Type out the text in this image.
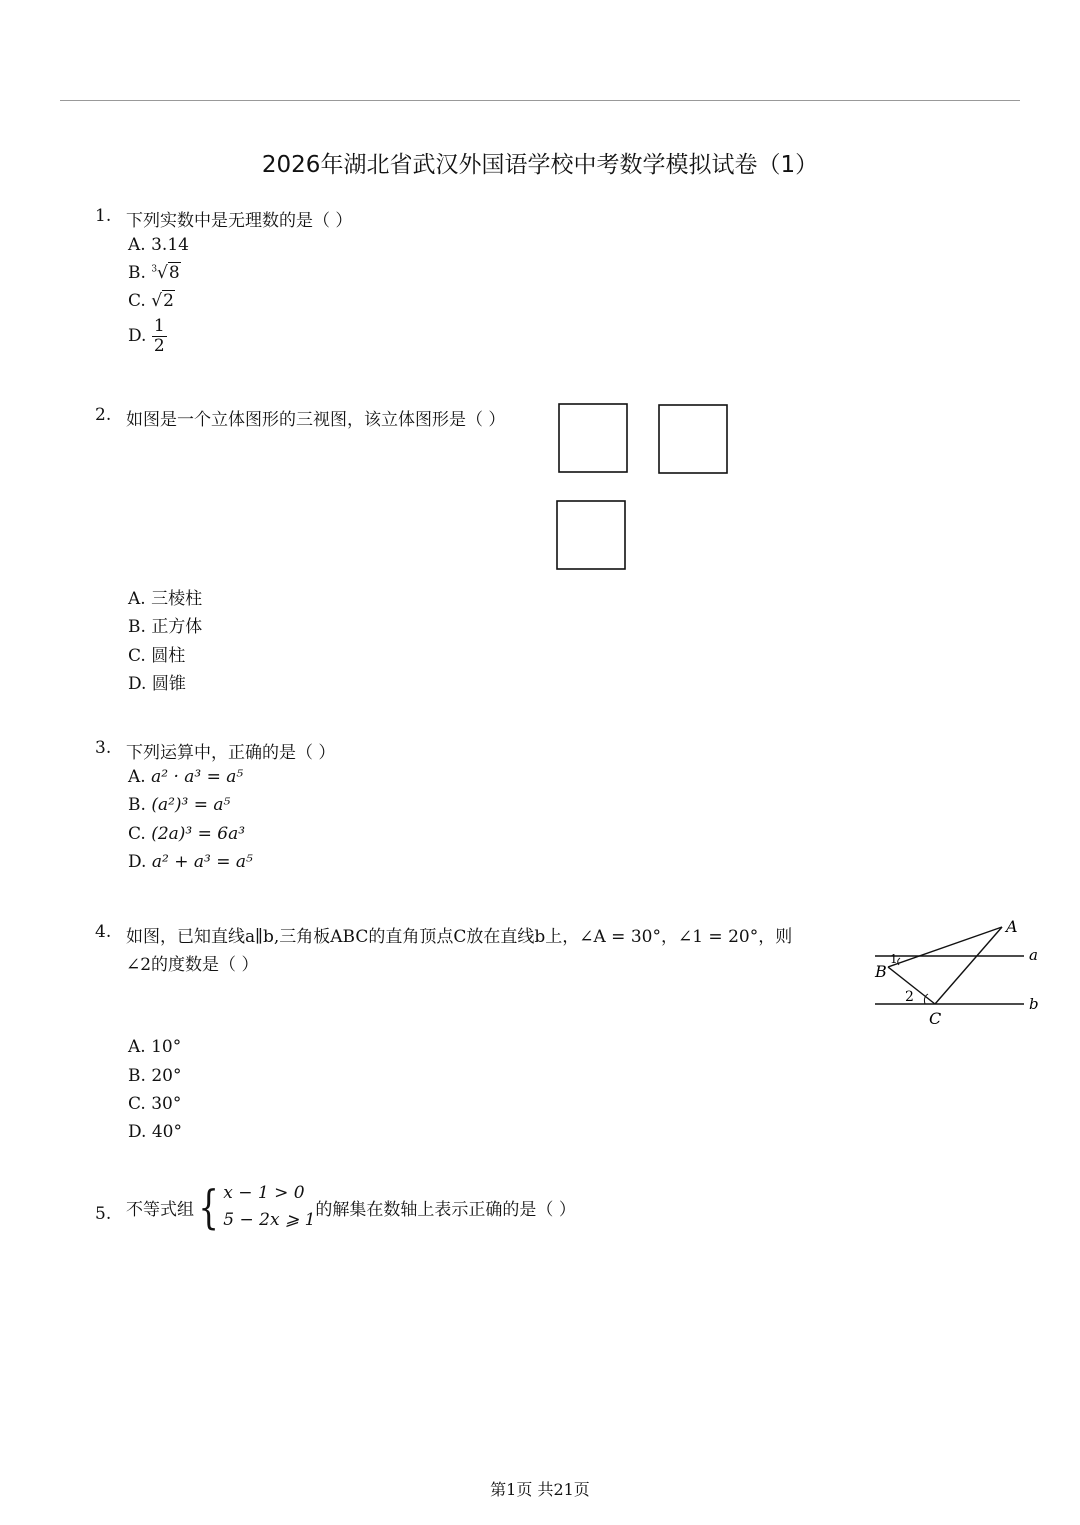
2026年湖北省武汉外国语学校中考数学模拟试卷（1）
1. 下列实数中是无理数的是（ ）
A. 3.14
B. $^3$√8
C. √2
D. $\frac{1}{2}$
2. 如图是一个立体图形的三视图，该立体图形是（ ）
A. 三棱柱
B. 正方体
C. 圆柱
D. 圆锥
3. 下列运算中，正确的是（ ）
A. a² · a³ = a⁵
B. (a²)³ = a⁵
C. (2a)³ = 6a³
D. a² + a³ = a⁵
4. 如图，已知直线a∥b,三角板ABC的直角顶点C放在直线b上，∠A = 30°，∠1 = 20°，则
∠2的度数是（ ）
A
B
C
a
b
1
2
A. 10°
B. 20°
C. 30°
D. 40°
5. 不等式组 { x − 1 > 0
5 − 2x ⩾ 1
的解集在数轴上表示正确的是（ ）
第1页 共21页
